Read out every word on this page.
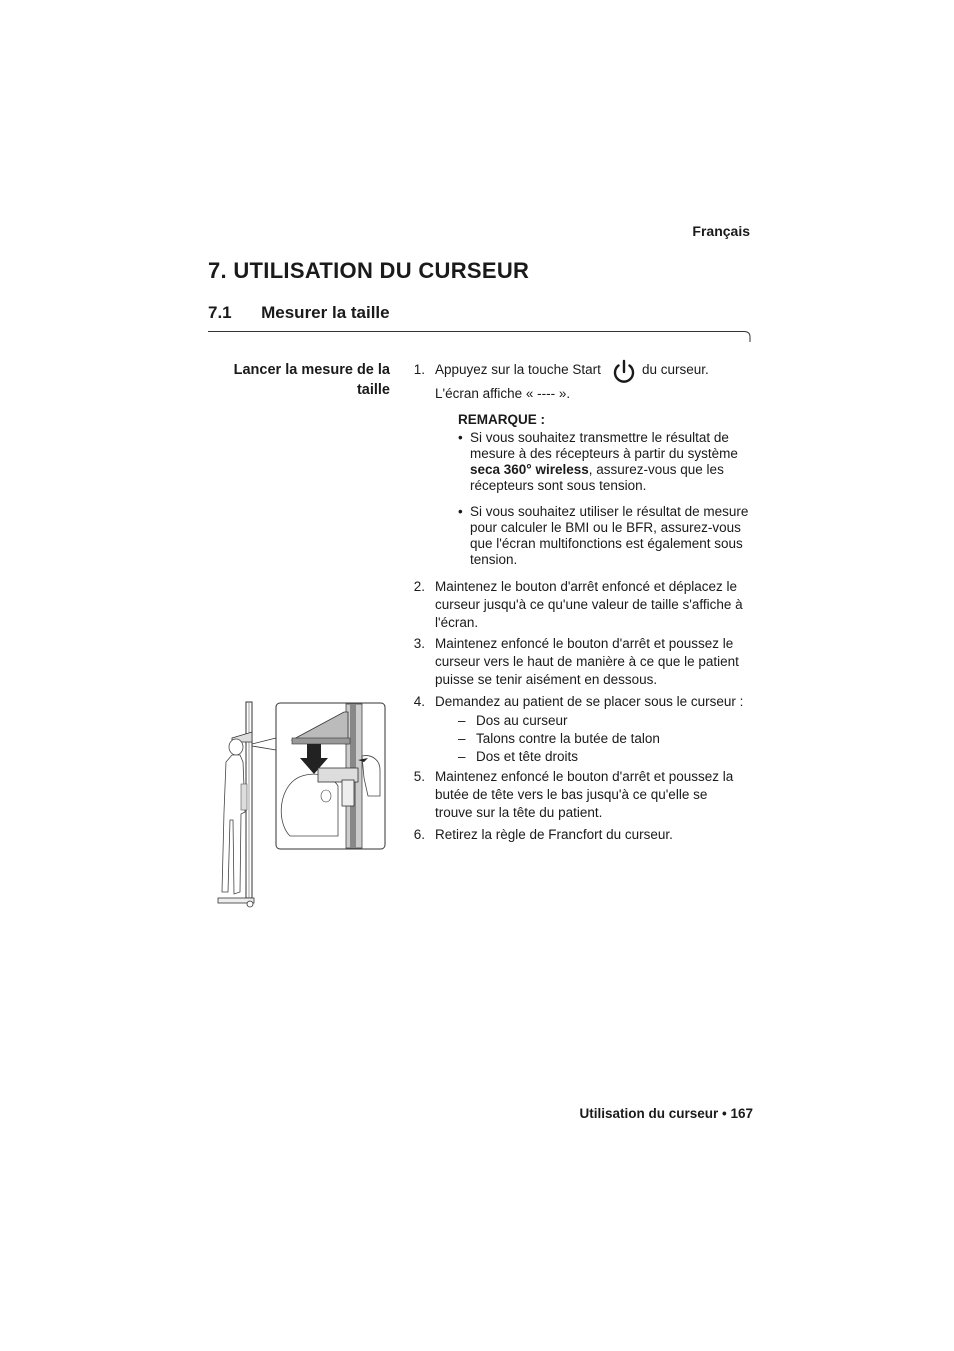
Français
7. UTILISATION DU CURSEUR
7.1 Mesurer la taille
Lancer la mesure de la
taille
1. Appuyez sur la touche Start	du curseur.
L'écran affiche « ---- ».
REMARQUE :
• Si vous souhaitez transmettre le résultat de
mesure à des récepteurs à partir du système
seca 360° wireless, assurez-vous que les
récepteurs sont sous tension.
• Si vous souhaitez utiliser le résultat de mesure
pour calculer le BMI ou le BFR, assurez-vous
que l'écran multifonctions est également sous
tension.
2. Maintenez le bouton d'arrêt enfoncé et déplacez le
curseur jusqu'à ce qu'une valeur de taille s'affiche à
l'écran.
3. Maintenez enfoncé le bouton d'arrêt et poussez le
curseur vers le haut de manière à ce que le patient
puisse se tenir aisément en dessous.
4. Demandez au patient de se placer sous le curseur :
– Dos au curseur
– Talons contre la butée de talon
– Dos et tête droits
5. Maintenez enfoncé le bouton d'arrêt et poussez la
butée de tête vers le bas jusqu'à ce qu'elle se
trouve sur la tête du patient.
6. Retirez la règle de Francfort du curseur.
Utilisation du curseur • 167
